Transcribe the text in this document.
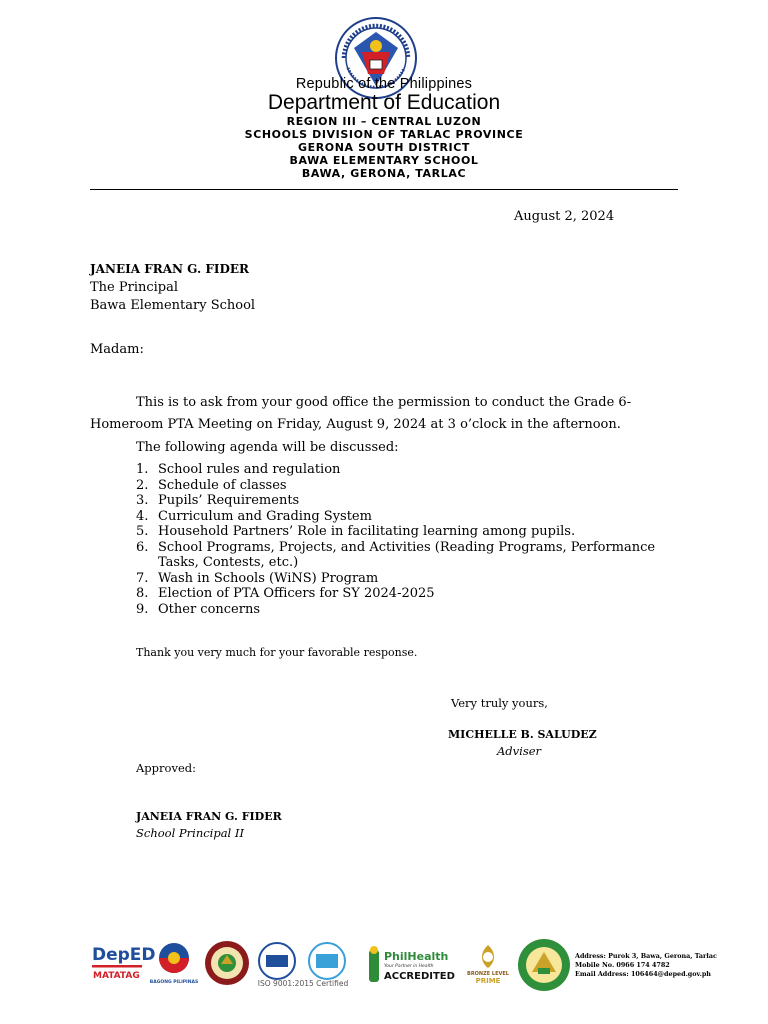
Republic of the Philippines
Department of Education
REGION III – CENTRAL LUZON
SCHOOLS DIVISION OF TARLAC PROVINCE
GERONA SOUTH DISTRICT
BAWA ELEMENTARY SCHOOL
BAWA, GERONA, TARLAC
August 2, 2024
JANEIA FRAN G. FIDER
The Principal
Bawa Elementary School
Madam:
This is to ask from your good office the permission to conduct the Grade 6-
Homeroom PTA Meeting on Friday, August 9, 2024 at 3 o’clock in the afternoon.
The following agenda will be discussed:
1. School rules and regulation
2. Schedule of classes
3. Pupils’ Requirements
4. Curriculum and Grading System
5. Household Partners’ Role in facilitating learning among pupils.
6. School Programs, Projects, and Activities (Reading Programs, Performance Tasks, Contests, etc.)
7. Wash in Schools (WiNS) Program
8. Election of PTA Officers for SY 2024-2025
9. Other concerns
Thank you very much for your favorable response.
Very truly yours,
MICHELLE B. SALUDEZ
Adviser
Approved:
JANEIA FRAN G. FIDER
School Principal II
DepED
MATATAG
BAGONG PILIPINAS	ISO 9001:2015 Certified
PhilHealth
Your Partner in Health
ACCREDITED BRONZE LEVEL
PRIME
Address: Purok 3, Bawa, Gerona, Tarlac
Mobile No. 0966 174 4782
Email Address: 106464@deped.gov.ph
